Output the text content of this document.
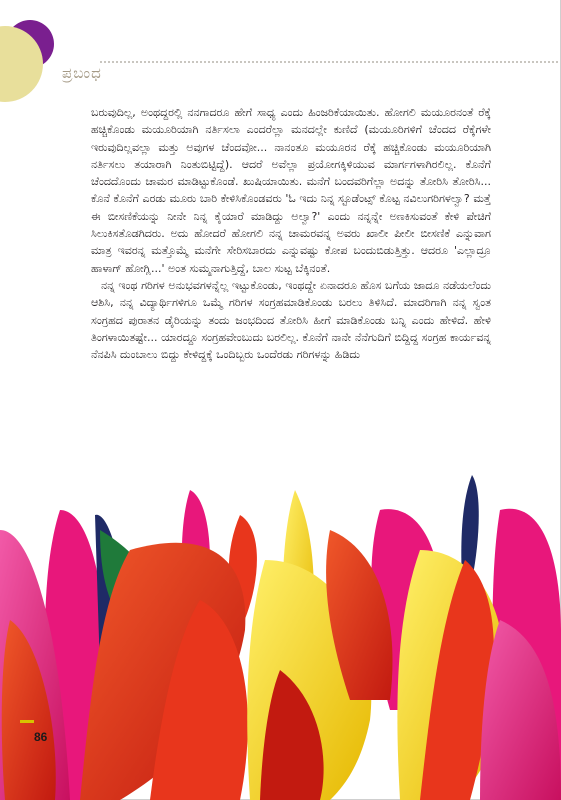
ಪ್ರಬಂಧ

ಬರುವುದಿಲ್ಲ, ಅಂಥದ್ದರಲ್ಲಿ ನನಗಾದರೂ ಹೇಗೆ ಸಾಧ್ಯ ಎಂದು ಹಿಂಜರಿಕೆಯಾಯಿತು. ಹೋಗಲಿ ಮಯೂರನಂತೆ ರೆಕ್ಕೆ ಹಚ್ಚಿಕೊಂಡು ಮಯೂರಿಯಾಗಿ ನರ್ತಿಸಲಾ ಎಂದರೆಲ್ಲಾ ಮನದಲ್ಲೇ ಕುಣಿದೆ (ಮಯೂರಿಗಳಿಗೆ ಚೆಂದದ ರೆಕ್ಕೆಗಳೇ ಇರುವುದಿಲ್ಲವಲ್ಲಾ ಮತ್ತು ಅವುಗಳ ಚೆಂದವೋ... ನಾನಂತೂ ಮಯೂರನ ರೆಕ್ಕೆ ಹಚ್ಚಿಕೊಂಡು ಮಯೂರಿಯಾಗಿ ನರ್ತಿಸಲು ತಯಾರಾಗಿ ನಿಂತುಬಿಟ್ಟಿದ್ದೆ). ಆದರೆ ಅವೆಲ್ಲಾ ಪ್ರಯೋಗಕ್ಕಿಳಿಯುವ ಮಾರ್ಗಗಳಾಗಿರಲಿಲ್ಲ. ಕೊನೆಗೆ ಚೆಂದದೊಂದು ಚಾಮರ ಮಾಡಿಟ್ಟುಕೊಂಡೆ. ಖುಷಿಯಾಯಿತು. ಮನೆಗೆ ಬಂದವರಿಗೆಲ್ಲಾ ಅದನ್ನು ತೋರಿಸಿ ತೋರಿಸಿ... ಕೊನೆ ಕೊನೆಗೆ ಎರಡು ಮೂರು ಬಾರಿ ಕೇಳಿಸಿಕೊಂಡವರು 'ಓ ಇದು ನಿನ್ನ ಸ್ಟೂಡೆಂಟ್ಸ್ ಕೊಟ್ಟ ನವಿಲುಗರಿಗಳಲ್ವಾ? ಮತ್ತೆ ಈ ಬೀಸಣಿಕೆಯನ್ನು ನೀನೇ ನಿನ್ನ ಕೈಯಾರೆ ಮಾಡಿದ್ದು ಅಲ್ವಾ?' ಎಂದು ನನ್ನನ್ನೇ ಅಣಕಿಸುವಂತೆ ಕೇಳಿ ಪೇಚಿಗೆ ಸಿಲುಕಿಸತೊಡಗಿದರು. ಅದು ಹೋದರೆ ಹೋಗಲಿ ನನ್ನ ಚಾಮರವನ್ನ ಅವರು ಖಾಲೀ ಪೀಲೀ ಬೀಸಣಿಕೆ ಎನ್ನುವಾಗ ಮಾತ್ರ ಇವರನ್ನ ಮತ್ತೊಮ್ಮೆ ಮನೆಗೇ ಸೇರಿಸಬಾರದು ಎನ್ನುವಷ್ಟು ಕೋಪ ಬಂದುಬಿಡುತ್ತಿತ್ತು. ಆದರೂ 'ಎಲ್ಲಾದ್ರೂ ಹಾಳಾಗ್ ಹೋಗ್ಲಿ...' ಅಂತ ಸುಮ್ಮನಾಗುತ್ತಿದ್ದೆ, ಬಾಲ ಸುಟ್ಟ ಬೆಕ್ಕಿನಂತೆ.

ನನ್ನ ಇಂಥ ಗರಿಗಳ ಅನುಭವಗಳನ್ನೆಲ್ಲ ಇಟ್ಟುಕೊಂಡು, ಇಂಥದ್ದೇ ಏನಾದರೂ ಹೊಸ ಬಗೆಯ ಜಾದೂ ನಡೆಯಲೆಂದು ಆಶಿಸಿ, ನನ್ನ ವಿದ್ಯಾರ್ಥಿಗಳಿಗೂ ಒಮ್ಮೆ ಗರಿಗಳ ಸಂಗ್ರಹಮಾಡಿಕೊಂಡು ಬರಲು ತಿಳಿಸಿದೆ. ಮಾದರಿಗಾಗಿ ನನ್ನ ಸ್ವಂತ ಸಂಗ್ರಹದ ಪುರಾತನ ಡೈರಿಯನ್ನು ತಂದು ಜಂಭದಿಂದ ತೋರಿಸಿ ಹೀಗೆ ಮಾಡಿಕೊಂಡು ಬನ್ನಿ ಎಂದು ಹೇಳಿದೆ. ಹೇಳಿ ತಿಂಗಳಾಯಿತಷ್ಟೇ... ಯಾರದ್ದೂ ಸಂಗ್ರಹವೇಂಬುದು ಬರಲಿಲ್ಲ. ಕೊನೆಗೆ ನಾನೇ ನೆನೆಗುದಿಗೆ ಬಿದ್ದಿದ್ದ ಸಂಗ್ರಹ ಕಾರ್ಯವನ್ನ ನೆನಪಿಸಿ ದುಂಬಾಲು ಬಿದ್ದು ಕೇಳಿದ್ದಕ್ಕೆ ಒಂದಿಬ್ಬರು ಒಂದೆರಡು ಗರಿಗಳನ್ನು ಹಿಡಿದು

86
